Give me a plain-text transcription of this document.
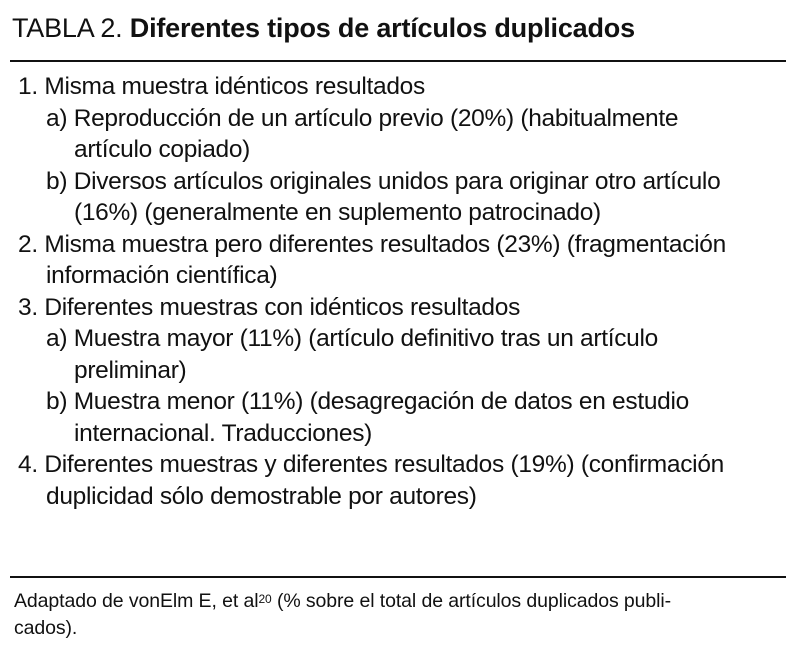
TABLA 2. Diferentes tipos de artículos duplicados
1. Misma muestra idénticos resultados
a) Reproducción de un artículo previo (20%) (habitualmente
artículo copiado)
b) Diversos artículos originales unidos para originar otro artículo
(16%) (generalmente en suplemento patrocinado)
2. Misma muestra pero diferentes resultados (23%) (fragmentación
información científica)
3. Diferentes muestras con idénticos resultados
a) Muestra mayor (11%) (artículo definitivo tras un artículo
preliminar)
b) Muestra menor (11%) (desagregación de datos en estudio
internacional. Traducciones)
4. Diferentes muestras y diferentes resultados (19%) (confirmación
duplicidad sólo demostrable por autores)
Adaptado de vonElm E, et $al^{20}$ (% sobre el total de artículos duplicados publi-
cados).
